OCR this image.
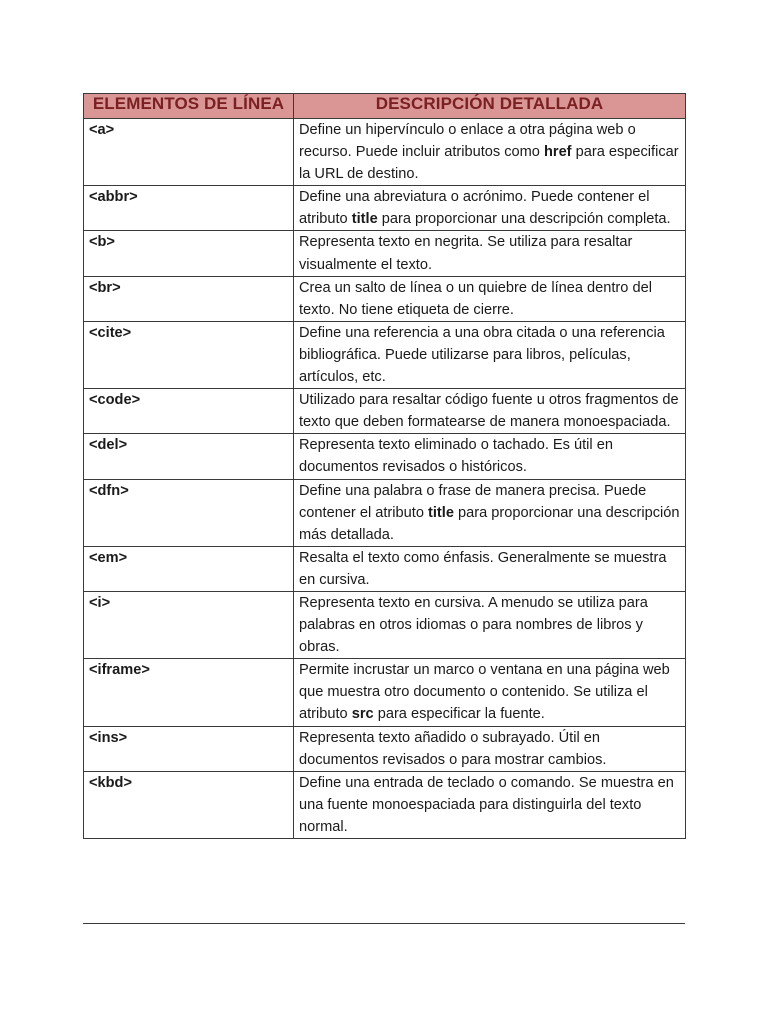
ELEMENTOS DE LÍNEA	DESCRIPCIÓN DETALLADA
<a>	Define un hipervínculo o enlace a otra página web o recurso. Puede incluir atributos como href para especificar la URL de destino.
<abbr>	Define una abreviatura o acrónimo. Puede contener el atributo title para proporcionar una descripción completa.
<b>	Representa texto en negrita. Se utiliza para resaltar visualmente el texto.
<br>	Crea un salto de línea o un quiebre de línea dentro del texto. No tiene etiqueta de cierre.
<cite>	Define una referencia a una obra citada o una referencia bibliográfica. Puede utilizarse para libros, películas, artículos, etc.
<code>	Utilizado para resaltar código fuente u otros fragmentos de texto que deben formatearse de manera monoespaciada.
<del>	Representa texto eliminado o tachado. Es útil en documentos revisados o históricos.
<dfn>	Define una palabra o frase de manera precisa. Puede contener el atributo title para proporcionar una descripción más detallada.
<em>	Resalta el texto como énfasis. Generalmente se muestra en cursiva.
<i>	Representa texto en cursiva. A menudo se utiliza para palabras en otros idiomas o para nombres de libros y obras.
<iframe>	Permite incrustar un marco o ventana en una página web que muestra otro documento o contenido. Se utiliza el atributo src para especificar la fuente.
<ins>	Representa texto añadido o subrayado. Útil en documentos revisados o para mostrar cambios.
<kbd>	Define una entrada de teclado o comando. Se muestra en una fuente monoespaciada para distinguirla del texto normal.
